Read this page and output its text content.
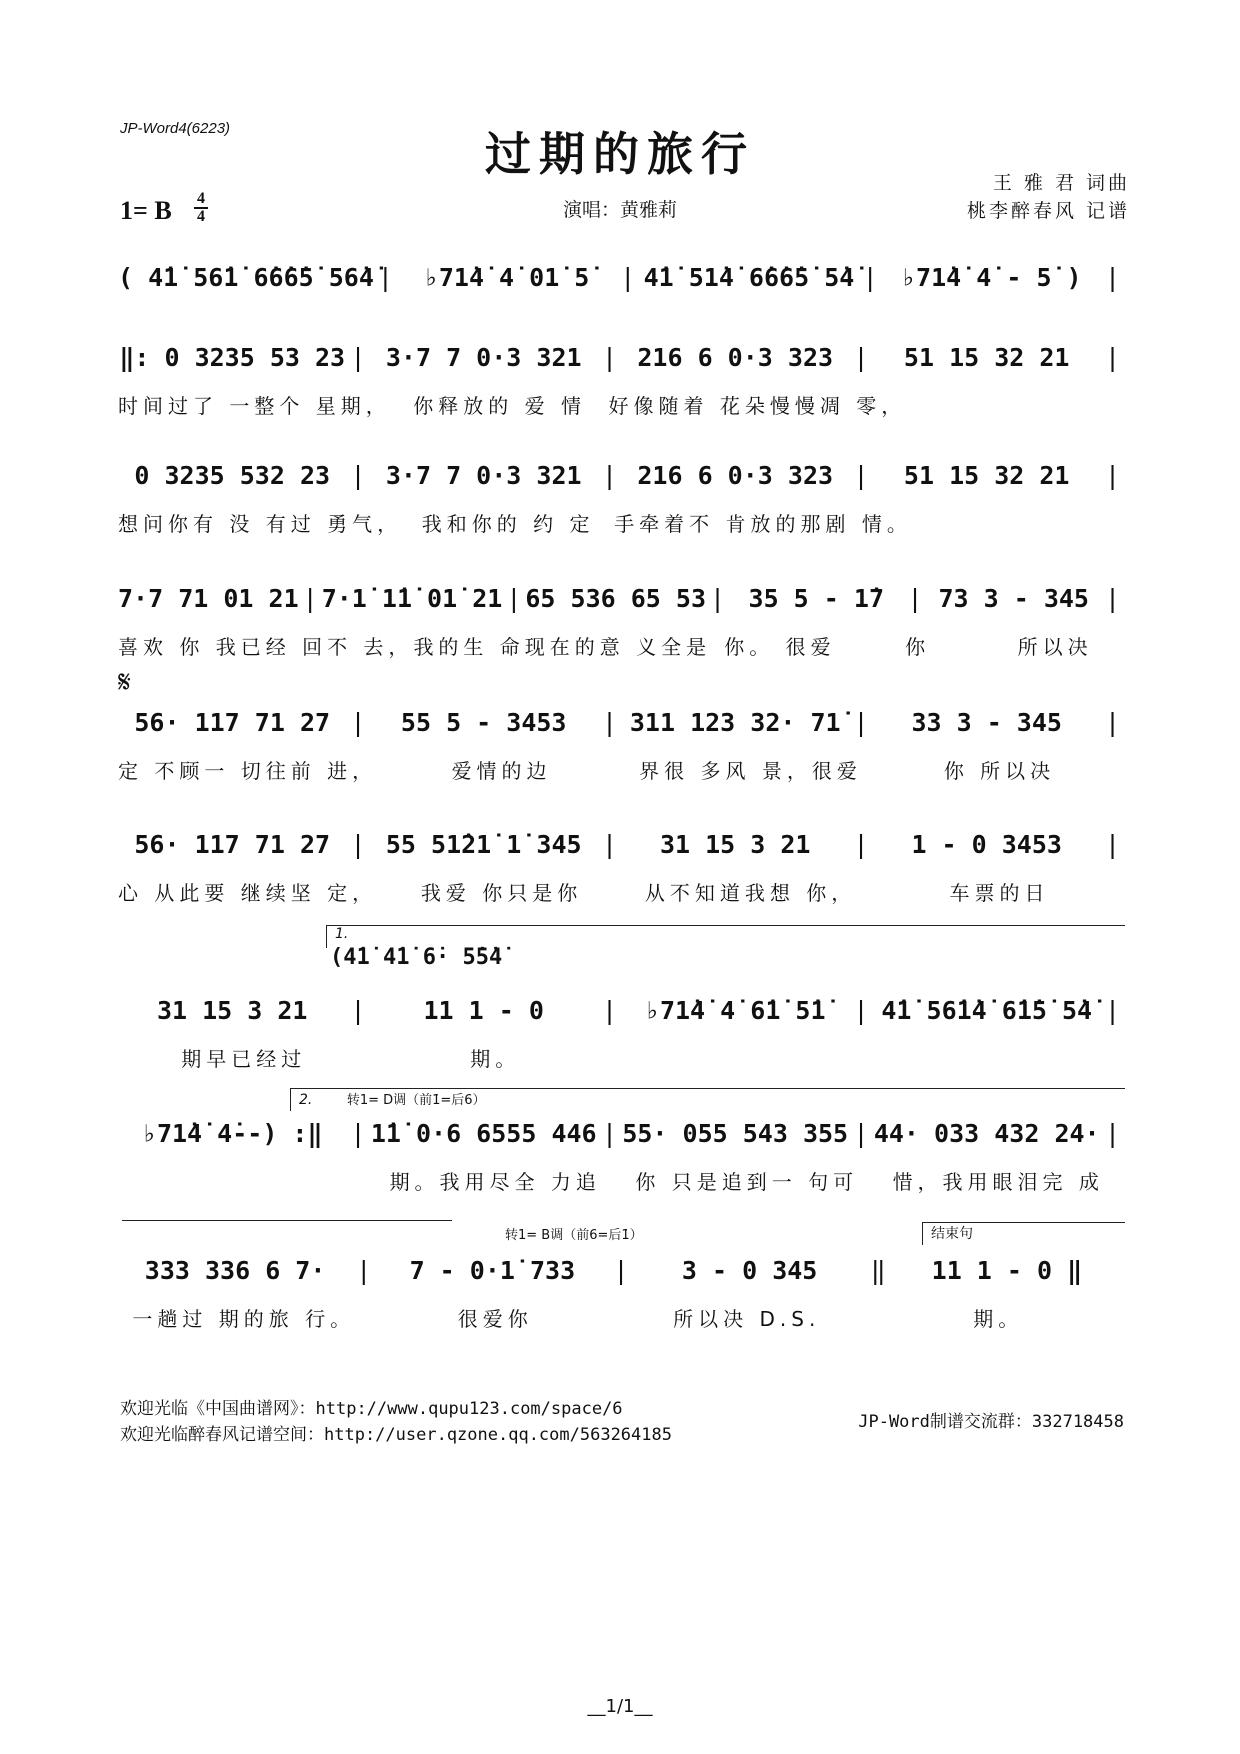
JP-Word4(6223)	过期的旅行
王 雅 君 词曲
桃李醉春风 记谱
1= B 4
4	演唱：黄雅莉
( 4̇1̇ 56̇1̇ 6̇6̇6̇5̇ 56̇4̇ |	♭71̇4̇ 4̇ 01̇ 5̇	| 4̇1̇ 51̇4̇ 6̇6̇6̇5̇ 5̇4̇ | ♭71̇4̇ 4̇ - 5̇ ) |
‖: 0 3235 53 23 | 3·7 7 0·3 321 | 216 6 0·3 323 |	51 15 32 21	|
时间过了 一整个 星期，	你释放的 爱 情	好像随着 花朵慢慢凋 零，
0 3235 532 23 | 3·7 7 0·3 321 | 216 6 0·3 323 |	51 15 32 21	|
想问你有 没 有过 勇气， 我和你的 约 定 手牵着不 肯放的那剧 情。
7·7 71 01 21 | 7·1̇ 1̇1̇ 01̇ 21 | 65 536 65 53 | 35 5 - 1̇7 | 73 3 - 345 |
喜欢 你 我已经 回不 去， 我的生 命现在的意 义全是 你。 很爱	你	所以决
𝄋
56· 117 71 27 |	55 5 - 3453	| 311 123 32· 71̇ |	33 3 - 345	|
定 不顾一 切往前 进，	爱情的边	界很 多风 景，很爱	你 所以决
56· 117 71 27 | 55 51̇21̇ 1̇ 345 |	31 15 3 21	|	1 - 0 3453	|
心 从此要 继续坚 定，	我爱 你只是你	从不知道我想 你，	车票的日
1.
(4̇1̇ 4̇1̇ 6̇· 5̇5̇4̇
31 15 3 21	|	11 1 - 0	|	♭71̇4̇ 4̇ 6̇1̇ 5̇1̇	| 4̇1̇ 56̇1̇4̇ 6̇1̇5̇ 5̇4̇ |
期早已经过	期。
2.	转1= D调（前1̇=后6）
♭71̇4̇ 4̇--) :‖	| 1̇1̇ 0·6 6555 446 | 55· 055 543 355 | 44· 033 432 24· |
期。我用尽全 力追	你 只是追到一 句可	惜，我用眼泪完 成
转1= B调（前6=后1̇）	结束句
333 336 6 7·	|	7 - 0·1̇ 733	|	3 - 0 345	‖	11 1 - 0 ‖
一趟过 期的旅 行。	很爱你	所以决 D.S.	期。
欢迎光临《中国曲谱网》：http://www.qupu123.com/space/6
欢迎光临醉春风记谱空间：http://user.qzone.qq.com/563264185
JP-Word制谱交流群：332718458
__1/1__
